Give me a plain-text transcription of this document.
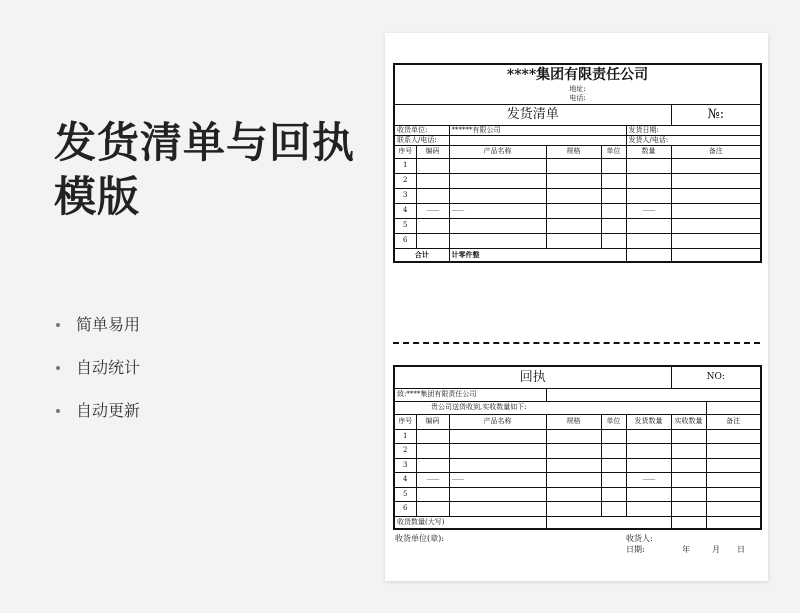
发货清单与回执
模版
简单易用
自动统计
自动更新
****集团有限责任公司						
地址:						
电话:						
发货清单						№:
收货单位:		******有限公司			发货日期:	
联系人/电话:					发货人/电话:	
序号	编码	产品名称	规格	单位	数量	备注
1						
2						
3						
4	——	——			——	
5						
6						
合计		计零件整				
回执						NO:	
致:****集团有限责任公司							
贵公司送货收到,实收数量如下:							
序号	编码	产品名称	规格	单位	发货数量	实收数量	备注
1							
2							
3							
4	——	——			——		
5							
6							
收货数量(大写)							
收货单位(章):	收货人:
日期:	年	月 日
